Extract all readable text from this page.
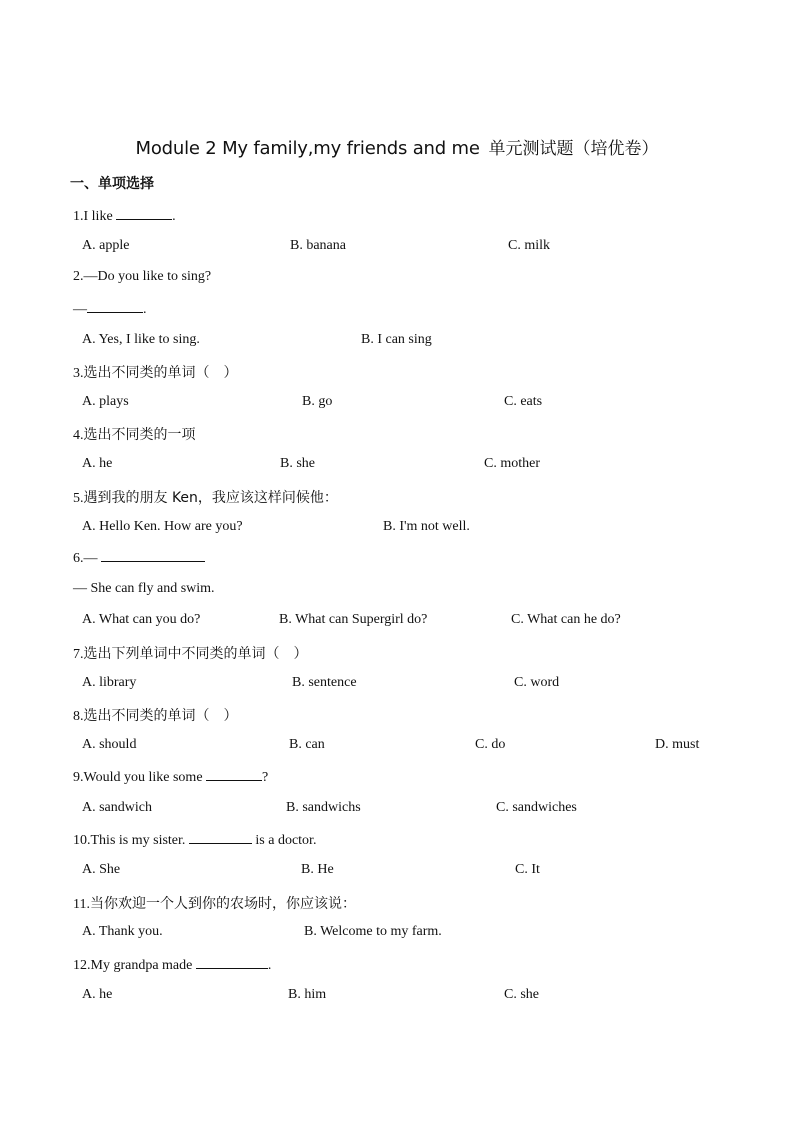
Module 2 My family,my friends and me 单元测试题（培优卷）
一、单项选择
1.I like	.
A. apple	B. banana	C. milk
2.—Do you like to sing?
—	.
A. Yes, I like to sing.	B. I can sing
3.选出不同类的单词（　）
A. plays	B. go	C. eats
4.选出不同类的一项
A. he	B. she	C. mother
5.遇到我的朋友 Ken，我应该这样问候他：
A. Hello Ken. How are you?	B. I'm not well.
6.—
— She can fly and swim.
A. What can you do?	B. What can Supergirl do?	C. What can he do?
7.选出下列单词中不同类的单词（　）
A. library	B. sentence	C. word
8.选出不同类的单词（　）
A. should	B. can	C. do	D. must
9.Would you like some	?
A. sandwich	B. sandwichs	C. sandwiches
10.This is my sister.	is a doctor.
A. She	B. He	C. It
11.当你欢迎一个人到你的农场时，你应该说：
A. Thank you.	B. Welcome to my farm.
12.My grandpa made	.
A. he	B. him	C. she
